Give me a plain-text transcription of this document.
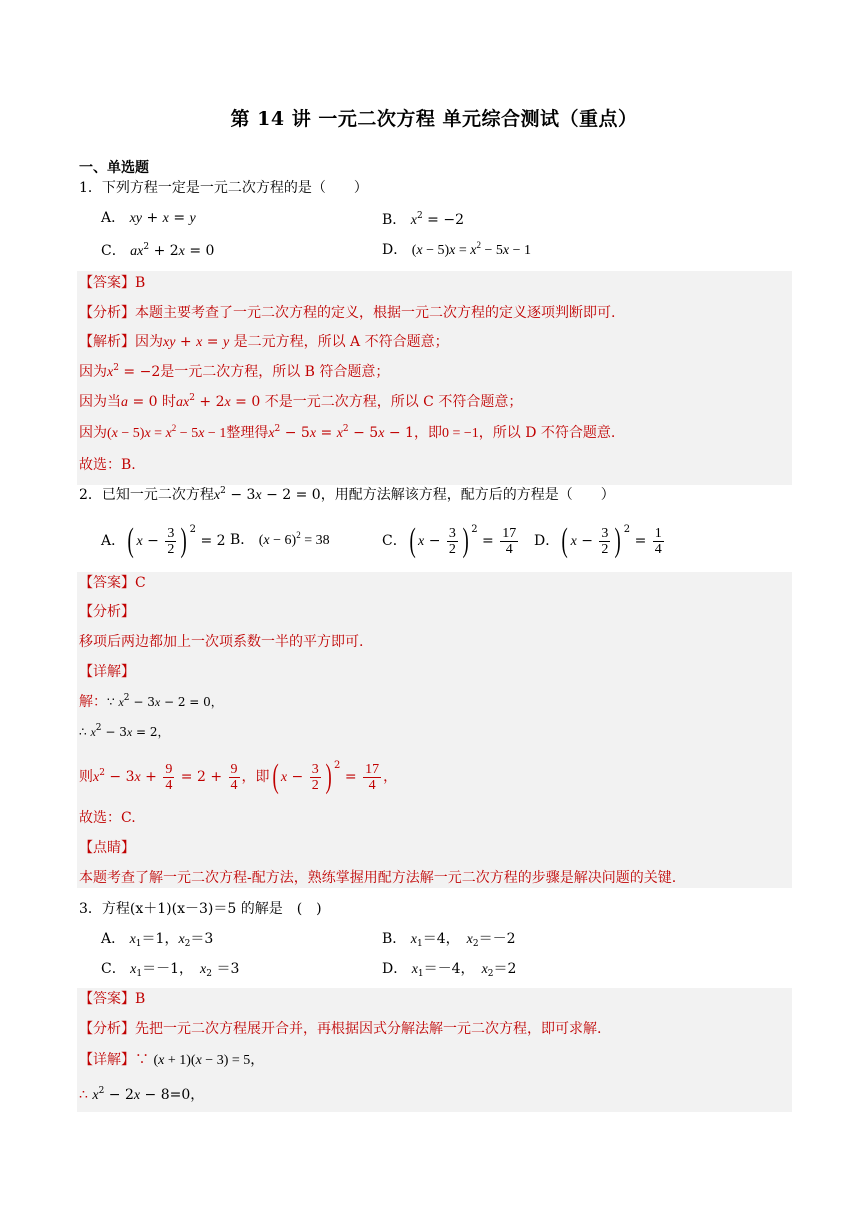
第 14 讲 一元二次方程 单元综合测试（重点）
一、单选题
1．下列方程一定是一元二次方程的是（　　）
A． xy + x = y	B． $x^2 = -2$
C． $ax^2 + 2x = 0$	D． $(x - 5)x = x^2 - 5x - 1$
【答案】B
【分析】本题主要考查了一元二次方程的定义，根据一元二次方程的定义逐项判断即可.
【解析】因为xy + x = y 是二元方程，所以 A 不符合题意；
因为$x^2 = -2$是一元二次方程，所以 B 符合题意；
因为当a = 0 时$ax^2 + 2x = 0$ 不是一元二次方程，所以 C 不符合题意；
因为$(x - 5)x = x^2 - 5x - 1$整理得$x^2 - 5x = x^2 - 5x - 1$，即0 = −1，所以 D 不符合题意.
故选：B.
2．已知一元二次方程$x^2 - 3x - 2 = 0$，用配方法解该方程，配方后的方程是（　　）
A．( $x - \frac{3}{2}$ ) $^2$ = 2 B． $(x - 6)^2 = 38$	C．( $x - \frac{3}{2}$ ) $^2 = \frac{17}{4}$ D．( $x - \frac{3}{2}$ ) $^2 = \frac{1}{4}$
【答案】C
【分析】
移项后两边都加上一次项系数一半的平方即可.
【详解】
解：∵ $x^2 - 3x - 2 = 0$，
∴ $x^2 - 3x = 2$，
则$x^2 - 3x + \frac{9}{4} = 2 + \frac{9}{4}$ ，即( $x - \frac{3}{2}$ ) $^2 = \frac{17}{4}$ ，
故选：C.
【点睛】
本题考查了解一元二次方程-配方法，熟练掌握用配方法解一元二次方程的步骤是解决问题的关键.
3．方程(x＋1)(x－3)＝5 的解是　(　)
A． $x_1=1$，$x_2=3$	B． $x_1=4$，　$x_2=-2$
C． $x_1=-1$，　$x_2 =3$	D． $x_1=-4$，　$x_2=2$
【答案】B
【分析】先把一元二次方程展开合并，再根据因式分解法解一元二次方程，即可求解.
【详解】∵ (x + 1)(x − 3) = 5，
∴ $x^2 - 2x - 8=0$，
